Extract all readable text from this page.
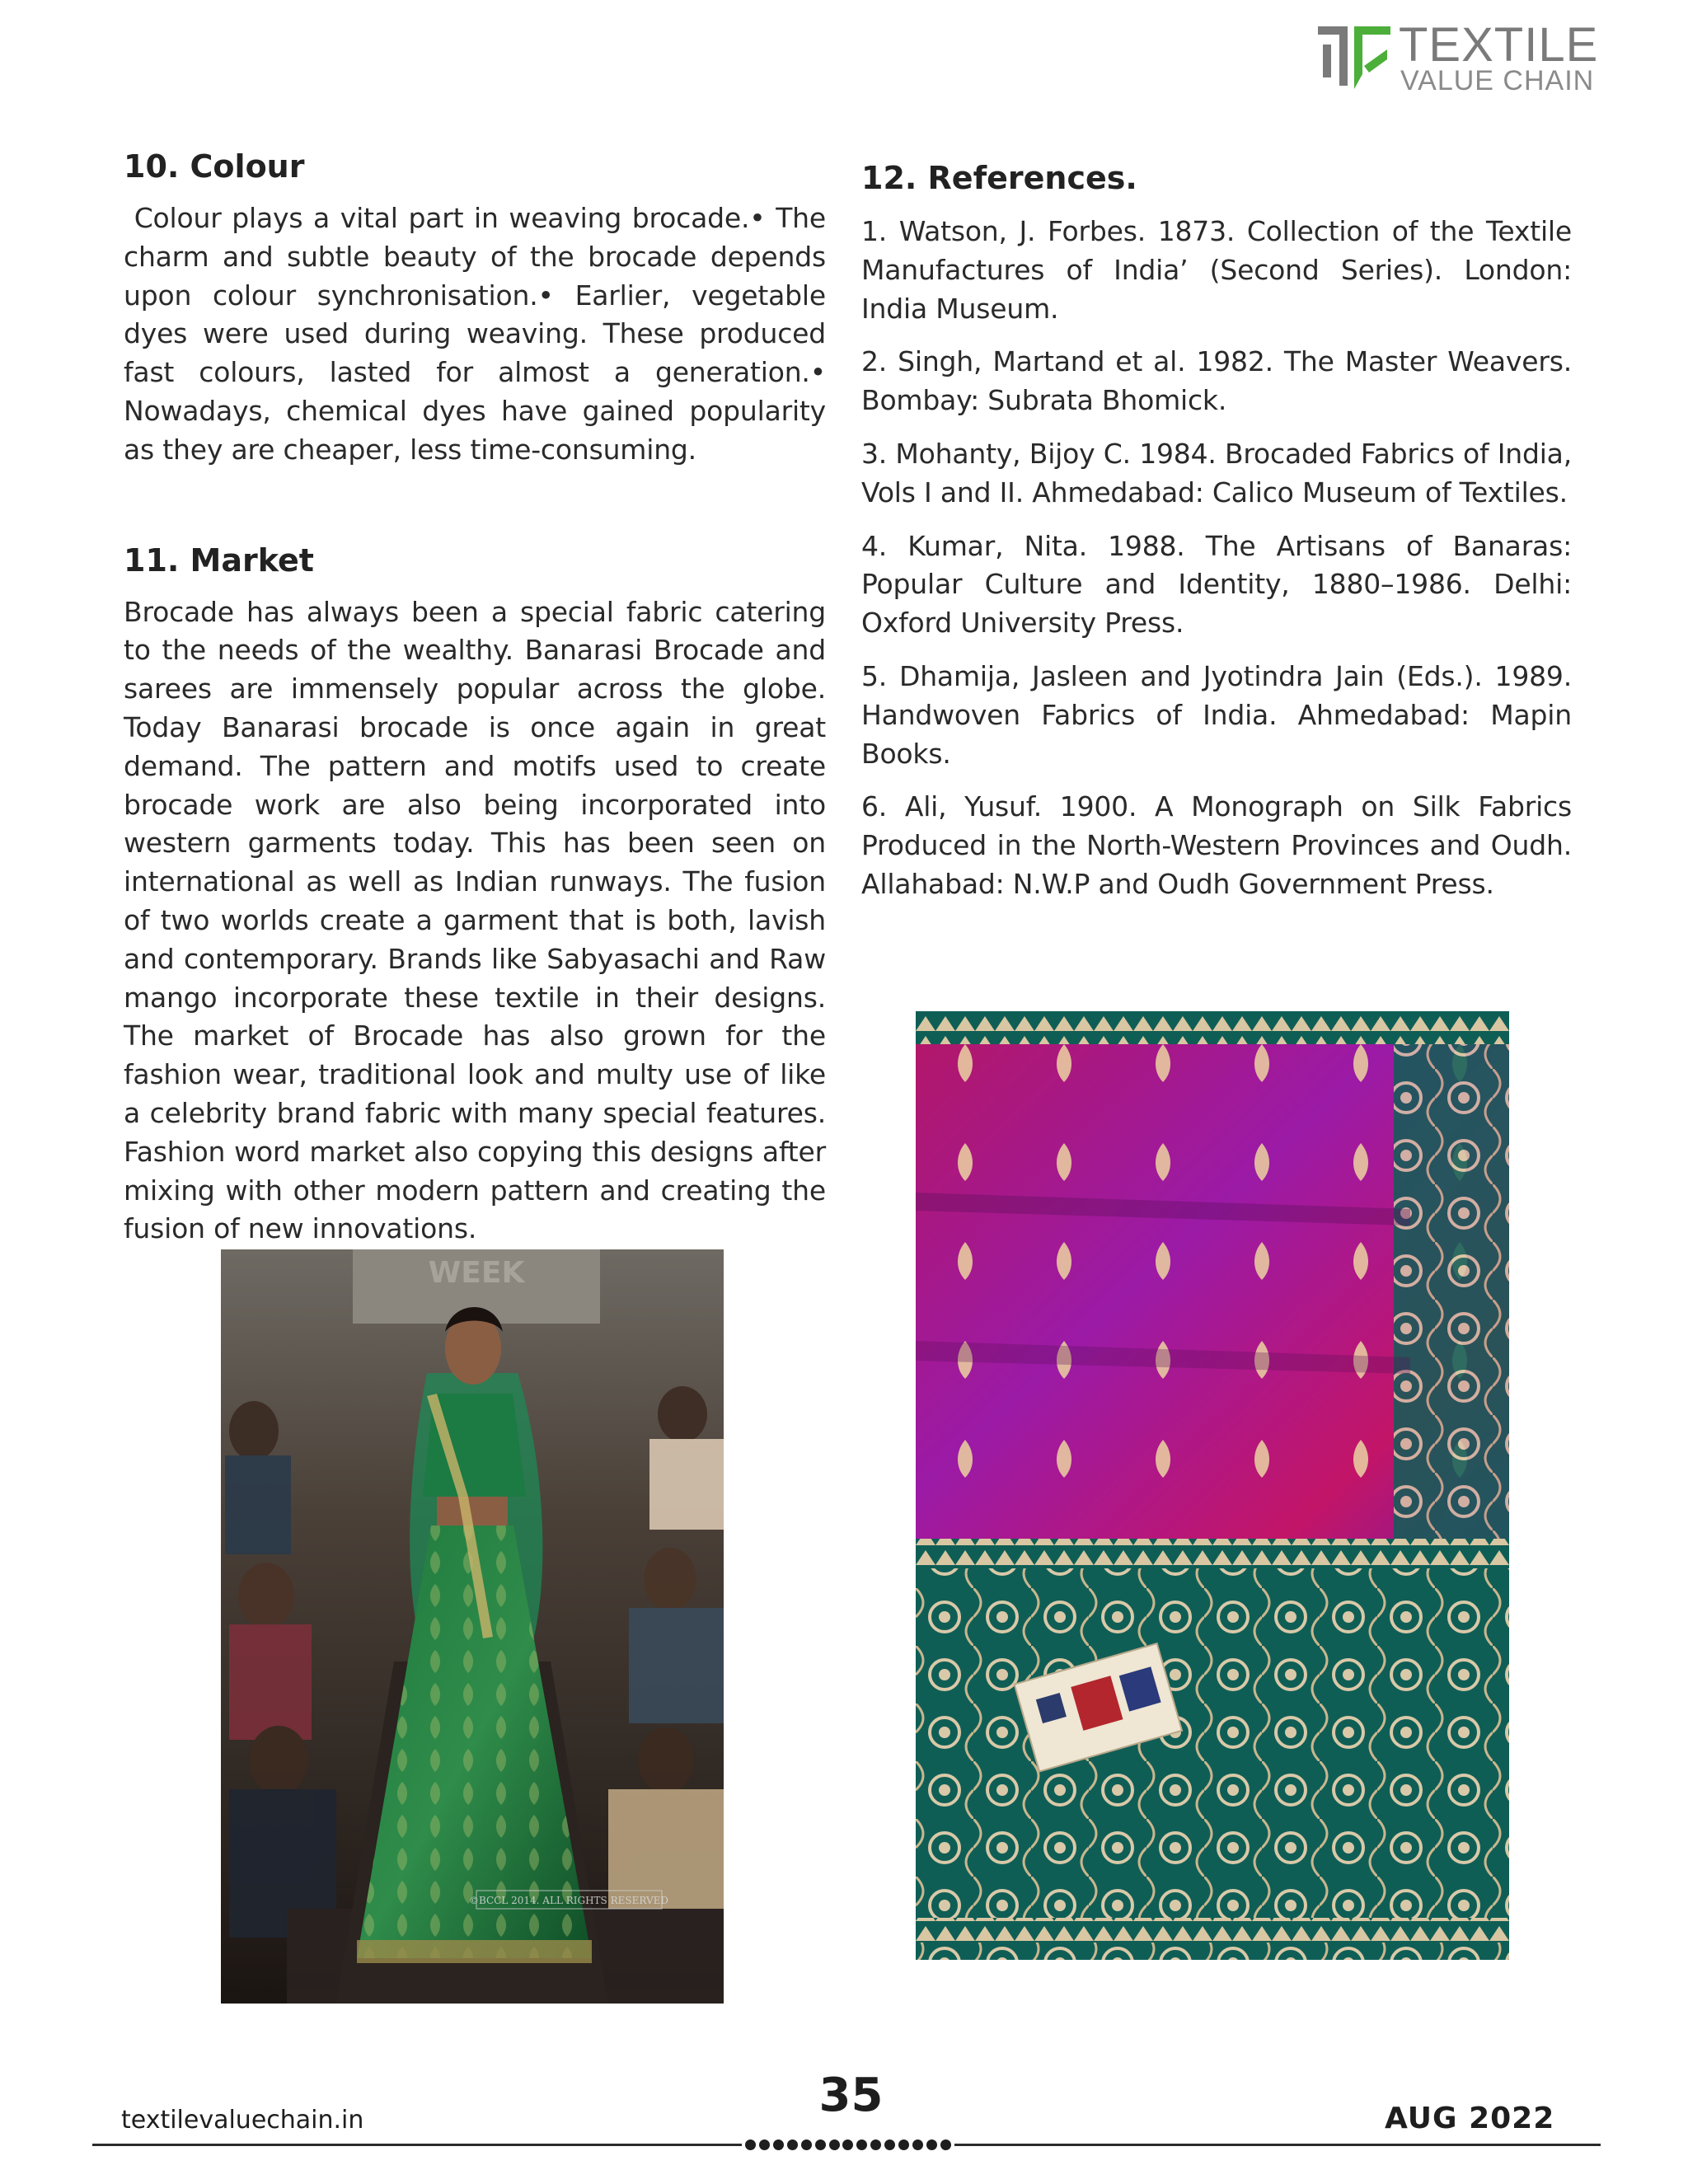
TEXTILE
VALUE CHAIN
10. Colour

Colour plays a vital part in weaving brocade.• The charm and subtle beauty of the brocade depends upon colour synchronisation.• Earlier, vegetable dyes were used during weaving. These produced fast colours, lasted for almost a generation.• Nowadays, chemical dyes have gained popularity as they are cheaper, less time-consuming.

11. Market

Brocade has always been a special fabric catering to the needs of the wealthy. Banarasi Brocade and sarees are immensely popular across the globe. Today Banarasi brocade is once again in great demand. The pattern and motifs used to create brocade work are also being incorporated into western garments today. This has been seen on international as well as Indian runways. The fusion of two worlds create a garment that is both, lavish and contemporary. Brands like Sabyasachi and Raw mango incorporate these textile in their designs. The market of Brocade has also grown for the fashion wear, traditional look and multy use of like a celebrity brand fabric with many special features. Fashion word market also copying this designs after mixing with other modern pattern and creating the fusion of new innovations.

12. References.

1. Watson, J. Forbes. 1873. Collection of the Textile Manufactures of India’ (Second Series). London: India Museum.

2. Singh, Martand et al. 1982. The Master Weavers. Bombay: Subrata Bhomick.

3. Mohanty, Bijoy C. 1984. Brocaded Fabrics of India, Vols I and II. Ahmedabad: Calico Museum of Textiles.

4. Kumar, Nita. 1988. The Artisans of Banaras: Popular Culture and Identity, 1880–1986. Delhi: Oxford University Press.

5. Dhamija, Jasleen and Jyotindra Jain (Eds.). 1989. Handwoven Fabrics of India. Ahmedabad: Mapin Books.

6. Ali, Yusuf. 1900. A Monograph on Silk Fabrics Produced in the North-Western Provinces and Oudh. Allahabad: N.W.P and Oudh Government Press.

WEEK
©BCCL 2014. ALL RIGHTS RESERVED
35
textilevaluechain.in	AUG 2022
